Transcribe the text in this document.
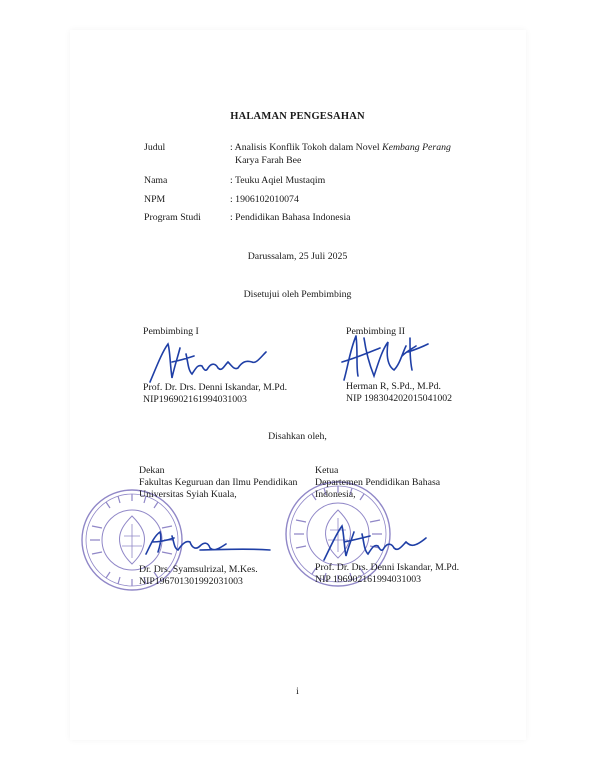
HALAMAN PENGESAHAN
Judul	: Analisis Konflik Tokoh dalam Novel Kembang Perang
Karya Farah Bee
Nama	: Teuku Aqiel Mustaqim
NPM	: 1906102010074
Program Studi	: Pendidikan Bahasa Indonesia
Darussalam, 25 Juli 2025
Disetujui oleh Pembimbing
Pembimbing I
Prof. Dr. Drs. Denni Iskandar, M.Pd.
NIP196902161994031003
Pembimbing II
Herman R, S.Pd., M.Pd.
NIP 198304202015041002
Disahkan oleh,
Dekan
Fakultas Keguruan dan Ilmu Pendidikan
Universitas Syiah Kuala,
Dr. Drs. Syamsulrizal, M.Kes.
NIP196701301992031003
Ketua
Departemen Pendidikan Bahasa
Indonesia,
Prof. Dr. Drs. Denni Iskandar, M.Pd.
NIP 196902161994031003
i
